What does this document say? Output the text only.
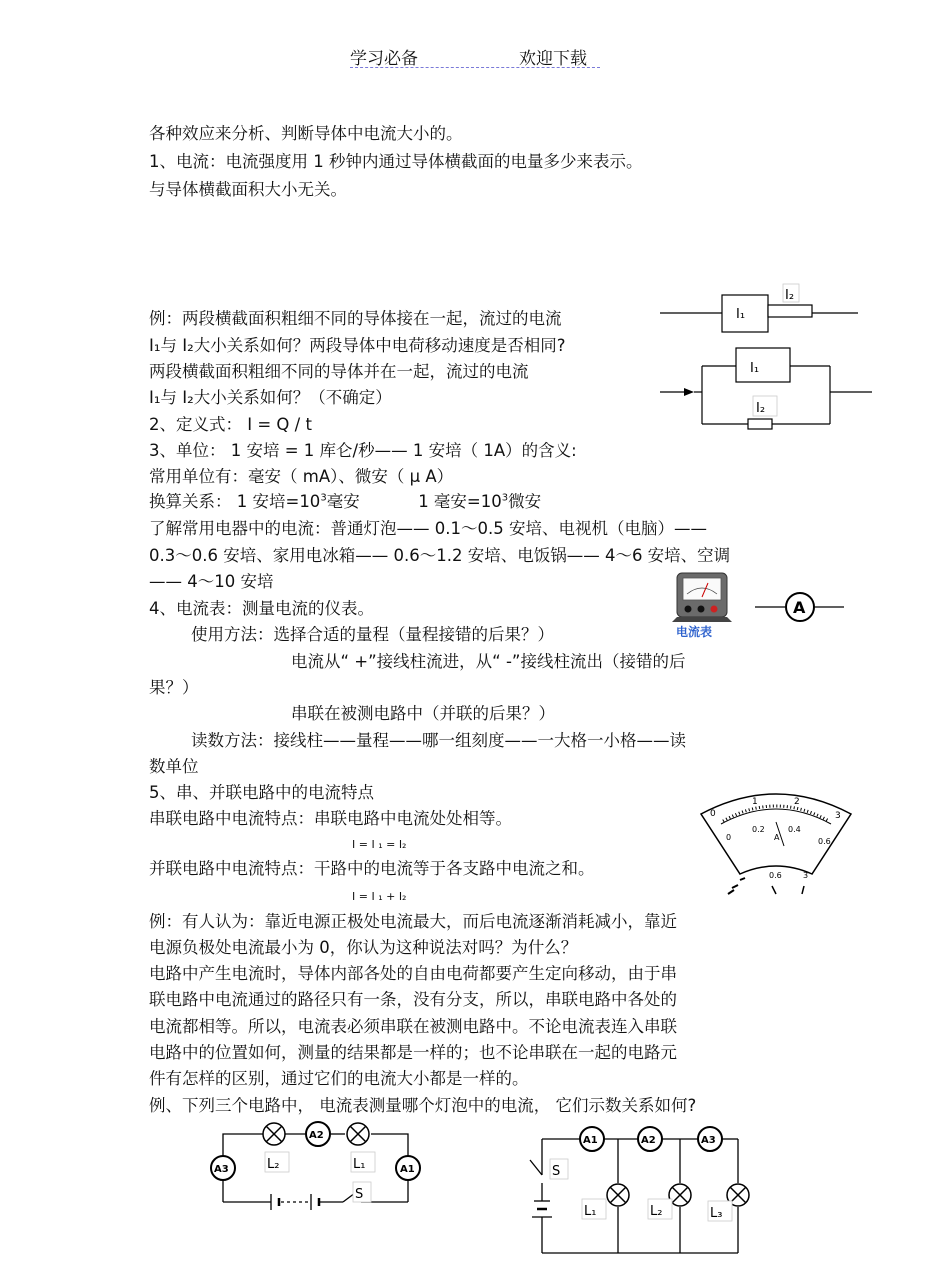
学习必备	欢迎下载
各种效应来分析、判断导体中电流大小的。
1、电流：电流强度用 1 秒钟内通过导体横截面的电量多少来表示。
与导体横截面积大小无关。
例：两段横截面积粗细不同的导体接在一起，流过的电流
I₁与 I₂大小关系如何？两段导体中电荷移动速度是否相同?
两段横截面积粗细不同的导体并在一起，流过的电流
I₁与 I₂大小关系如何？（不确定）
2、定义式： I = Q / t
3、单位： 1 安培 = 1 库仑/秒—— 1 安培（ 1A）的含义:
常用单位有：毫安（ mA）、微安（ μ A）
换算关系： 1 安培$=10^3$毫安	1 毫安$=10^3$微安
了解常用电器中的电流：普通灯泡—— 0.1～0.5 安培、电视机（电脑）——
0.3～0.6 安培、家用电冰箱—— 0.6～1.2 安培、电饭锅—— 4～6 安培、空调
—— 4～10 安培
4、电流表：测量电流的仪表。
使用方法：选择合适的量程（量程接错的后果？）
电流从“ +”接线柱流进，从“ -”接线柱流出（接错的后
果？）
串联在被测电路中（并联的后果？）
读数方法：接线柱——量程——哪一组刻度——一大格一小格——读
数单位
5、串、并联电路中的电流特点
串联电路中电流特点：串联电路中电流处处相等。
I = I ₁ = I₂
并联电路中电流特点：干路中的电流等于各支路中电流之和。
I = I ₁ + I₂
例：有人认为：靠近电源正极处电流最大，而后电流逐渐消耗减小，靠近
电源负极处电流最小为 0，你认为这种说法对吗？为什么？
电路中产生电流时，导体内部各处的自由电荷都要产生定向移动，由于串
联电路中电流通过的路径只有一条，没有分支，所以，串联电路中各处的
电流都相等。所以，电流表必须串联在被测电路中。不论电流表连入串联
电路中的位置如何，测量的结果都是一样的；也不论串联在一起的电路元
件有怎样的区别，通过它们的电流大小都是一样的。
例、下列三个电路中， 电流表测量哪个灯泡中的电流， 它们示数关系如何?
I₁
I₂
I₁
I₂
电流表
A
0
1	2
3
0
0.2	0.4
0.6
A
0.6	3
A2
A3	A1
L₂	L₁
S
A1	A2	A3
S
L₁	L₂	L₃
